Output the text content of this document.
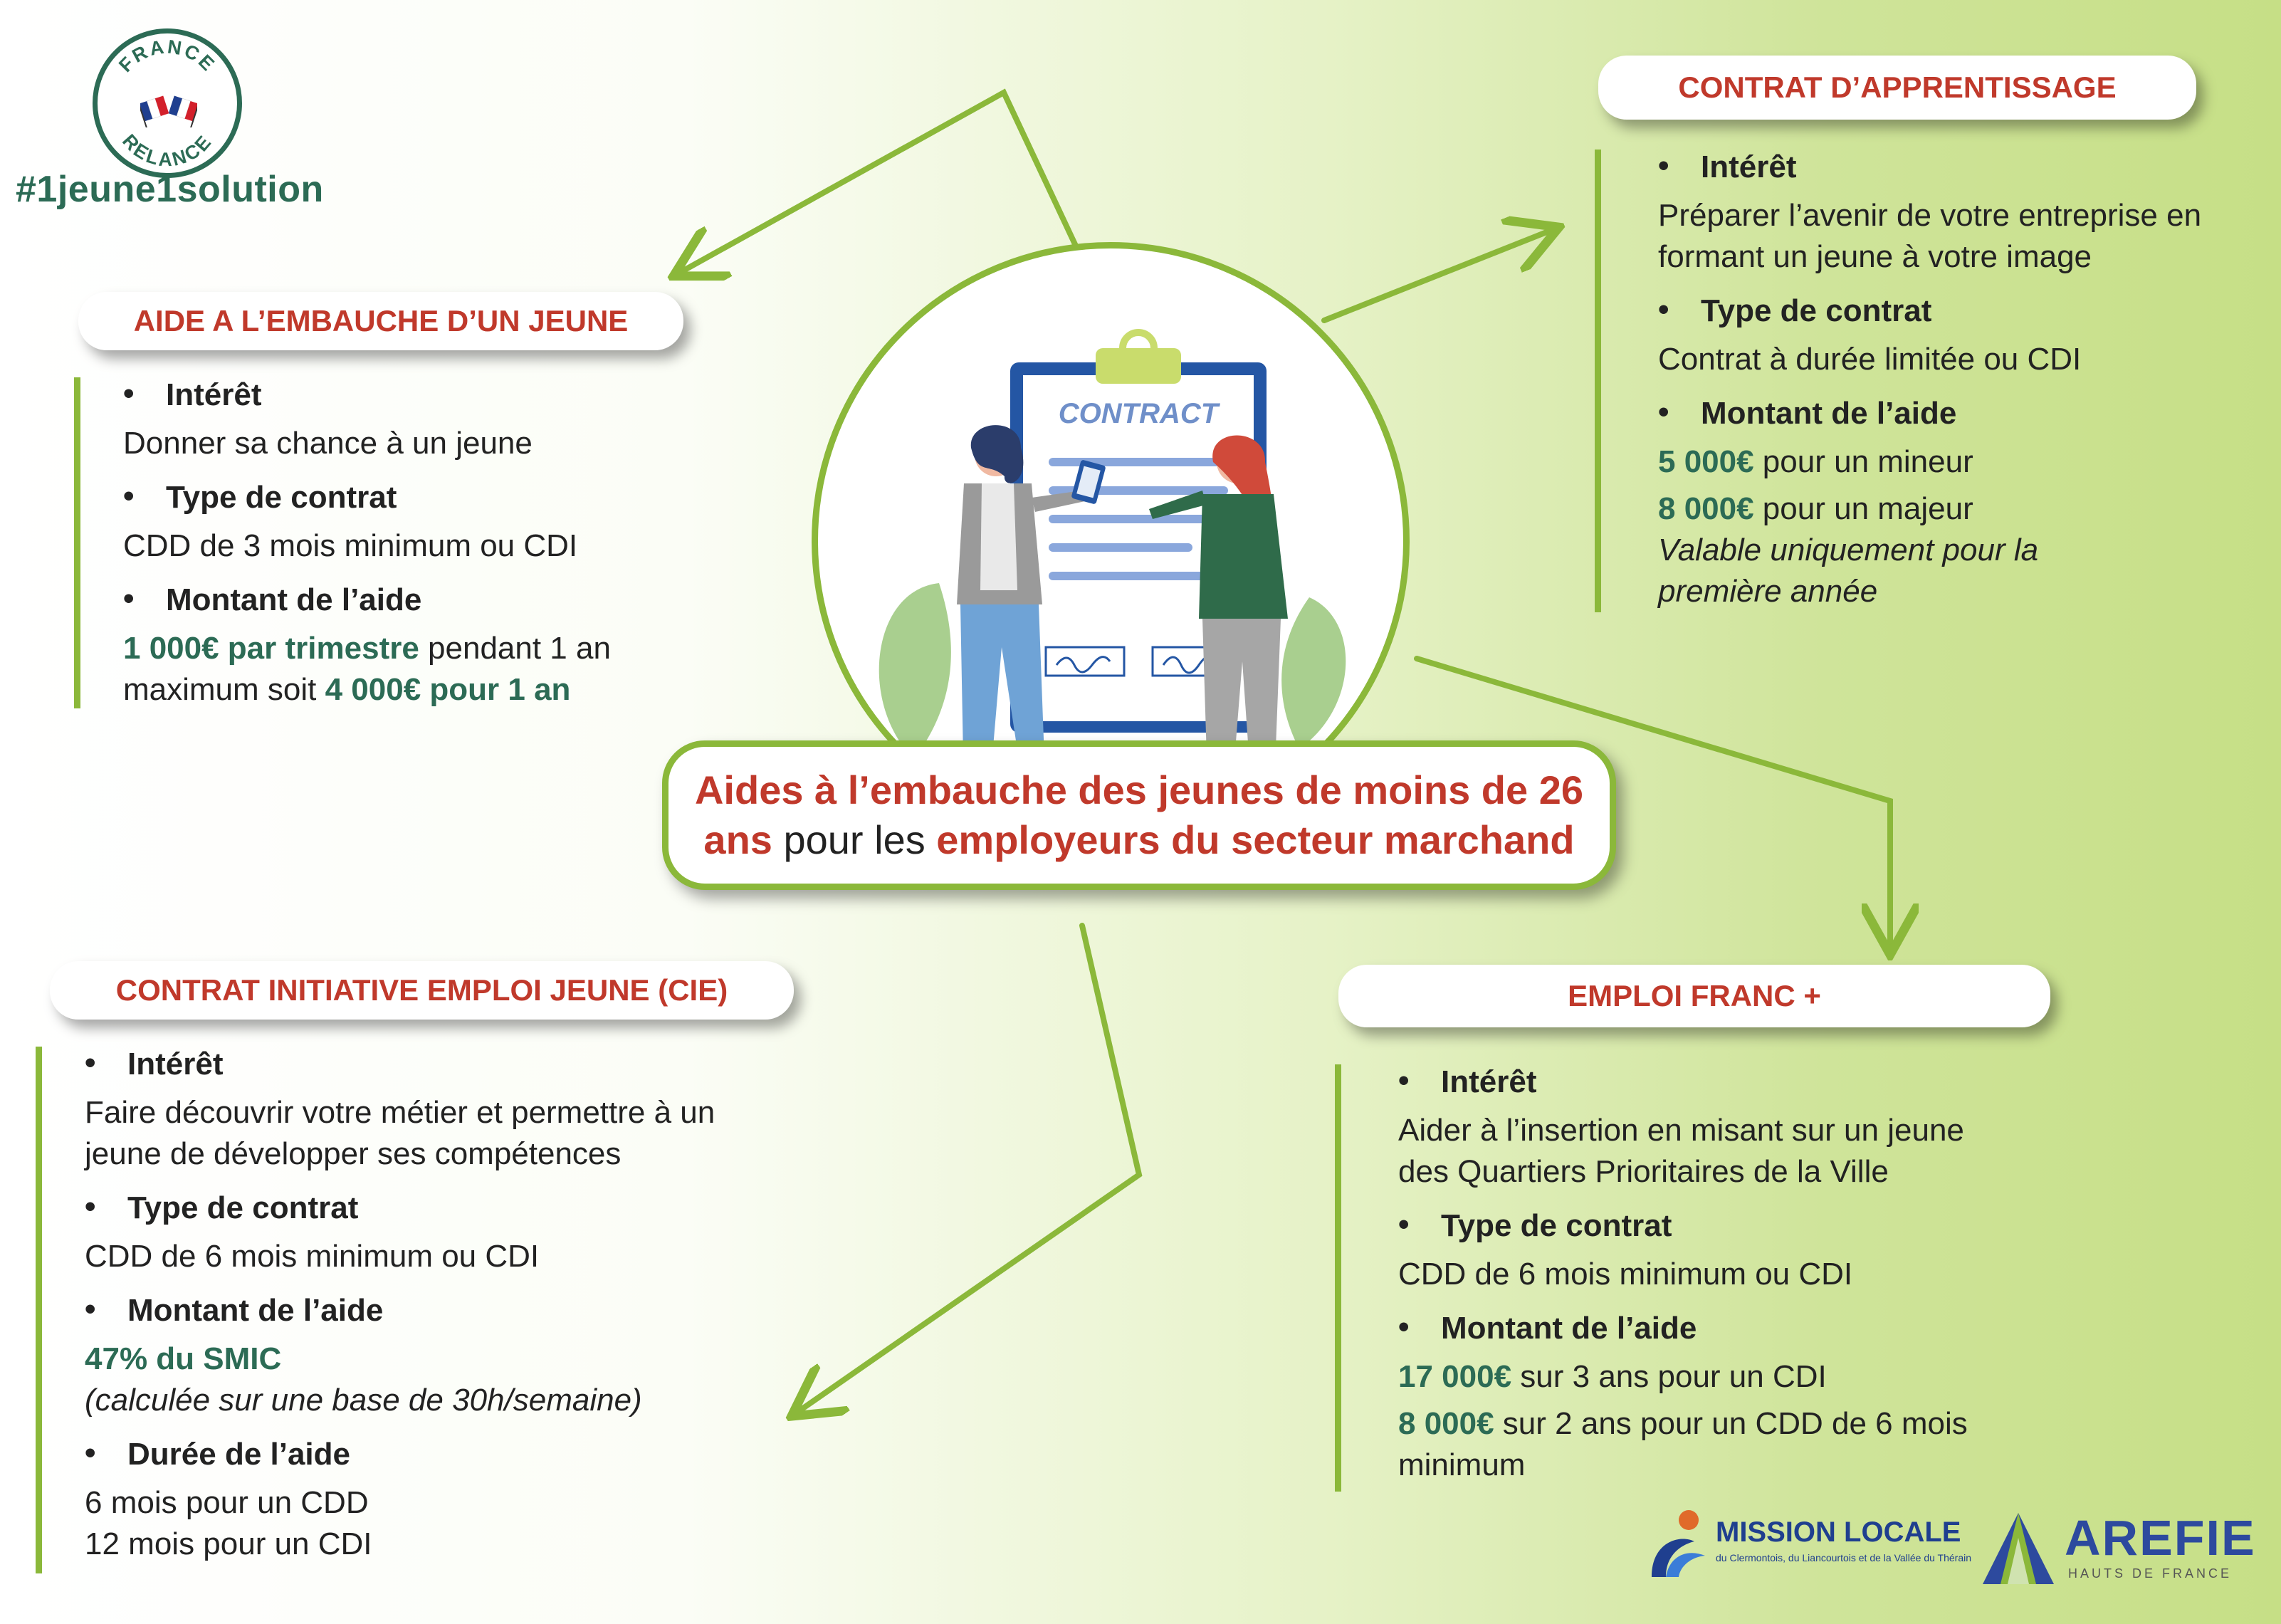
FRANCE
RELANCE
#1jeune1solution
AIDE A L’EMBAUCHE D’UN JEUNE
• Intérêt
Donner sa chance à un jeune
• Type de contrat
CDD de 3 mois minimum ou CDI
• Montant de l’aide
1 000€ par trimestre pendant 1 an maximum soit 4 000€ pour 1 an
CONTRAT D’APPRENTISSAGE
• Intérêt
Préparer l’avenir de votre entreprise en formant un jeune à votre image
• Type de contrat
Contrat à durée limitée ou CDI
• Montant de l’aide
5 000€ pour un mineur
8 000€ pour un majeur
Valable uniquement pour la première année
CONTRACT
Aides à l’embauche des jeunes de moins de 26 ans pour les employeurs du secteur marchand
CONTRAT INITIATIVE EMPLOI JEUNE (CIE)
• Intérêt
Faire découvrir votre métier et permettre à un jeune de développer ses compétences
• Type de contrat
CDD de 6 mois minimum ou CDI
• Montant de l’aide
47% du SMIC
(calculée sur une base de 30h/semaine)
• Durée de l’aide
6 mois pour un CDD
12 mois pour un CDI
EMPLOI FRANC +
• Intérêt
Aider à l’insertion en misant sur un jeune des Quartiers Prioritaires de la Ville
• Type de contrat
CDD de 6 mois minimum ou CDI
• Montant de l’aide
17 000€ sur 3 ans pour un CDI
8 000€ sur 2 ans pour un CDD de 6 mois minimum
MISSION LOCALE
du Clermontois, du Liancourtois et de la Vallée du Thérain	AREFIE
HAUTS DE FRANCE
